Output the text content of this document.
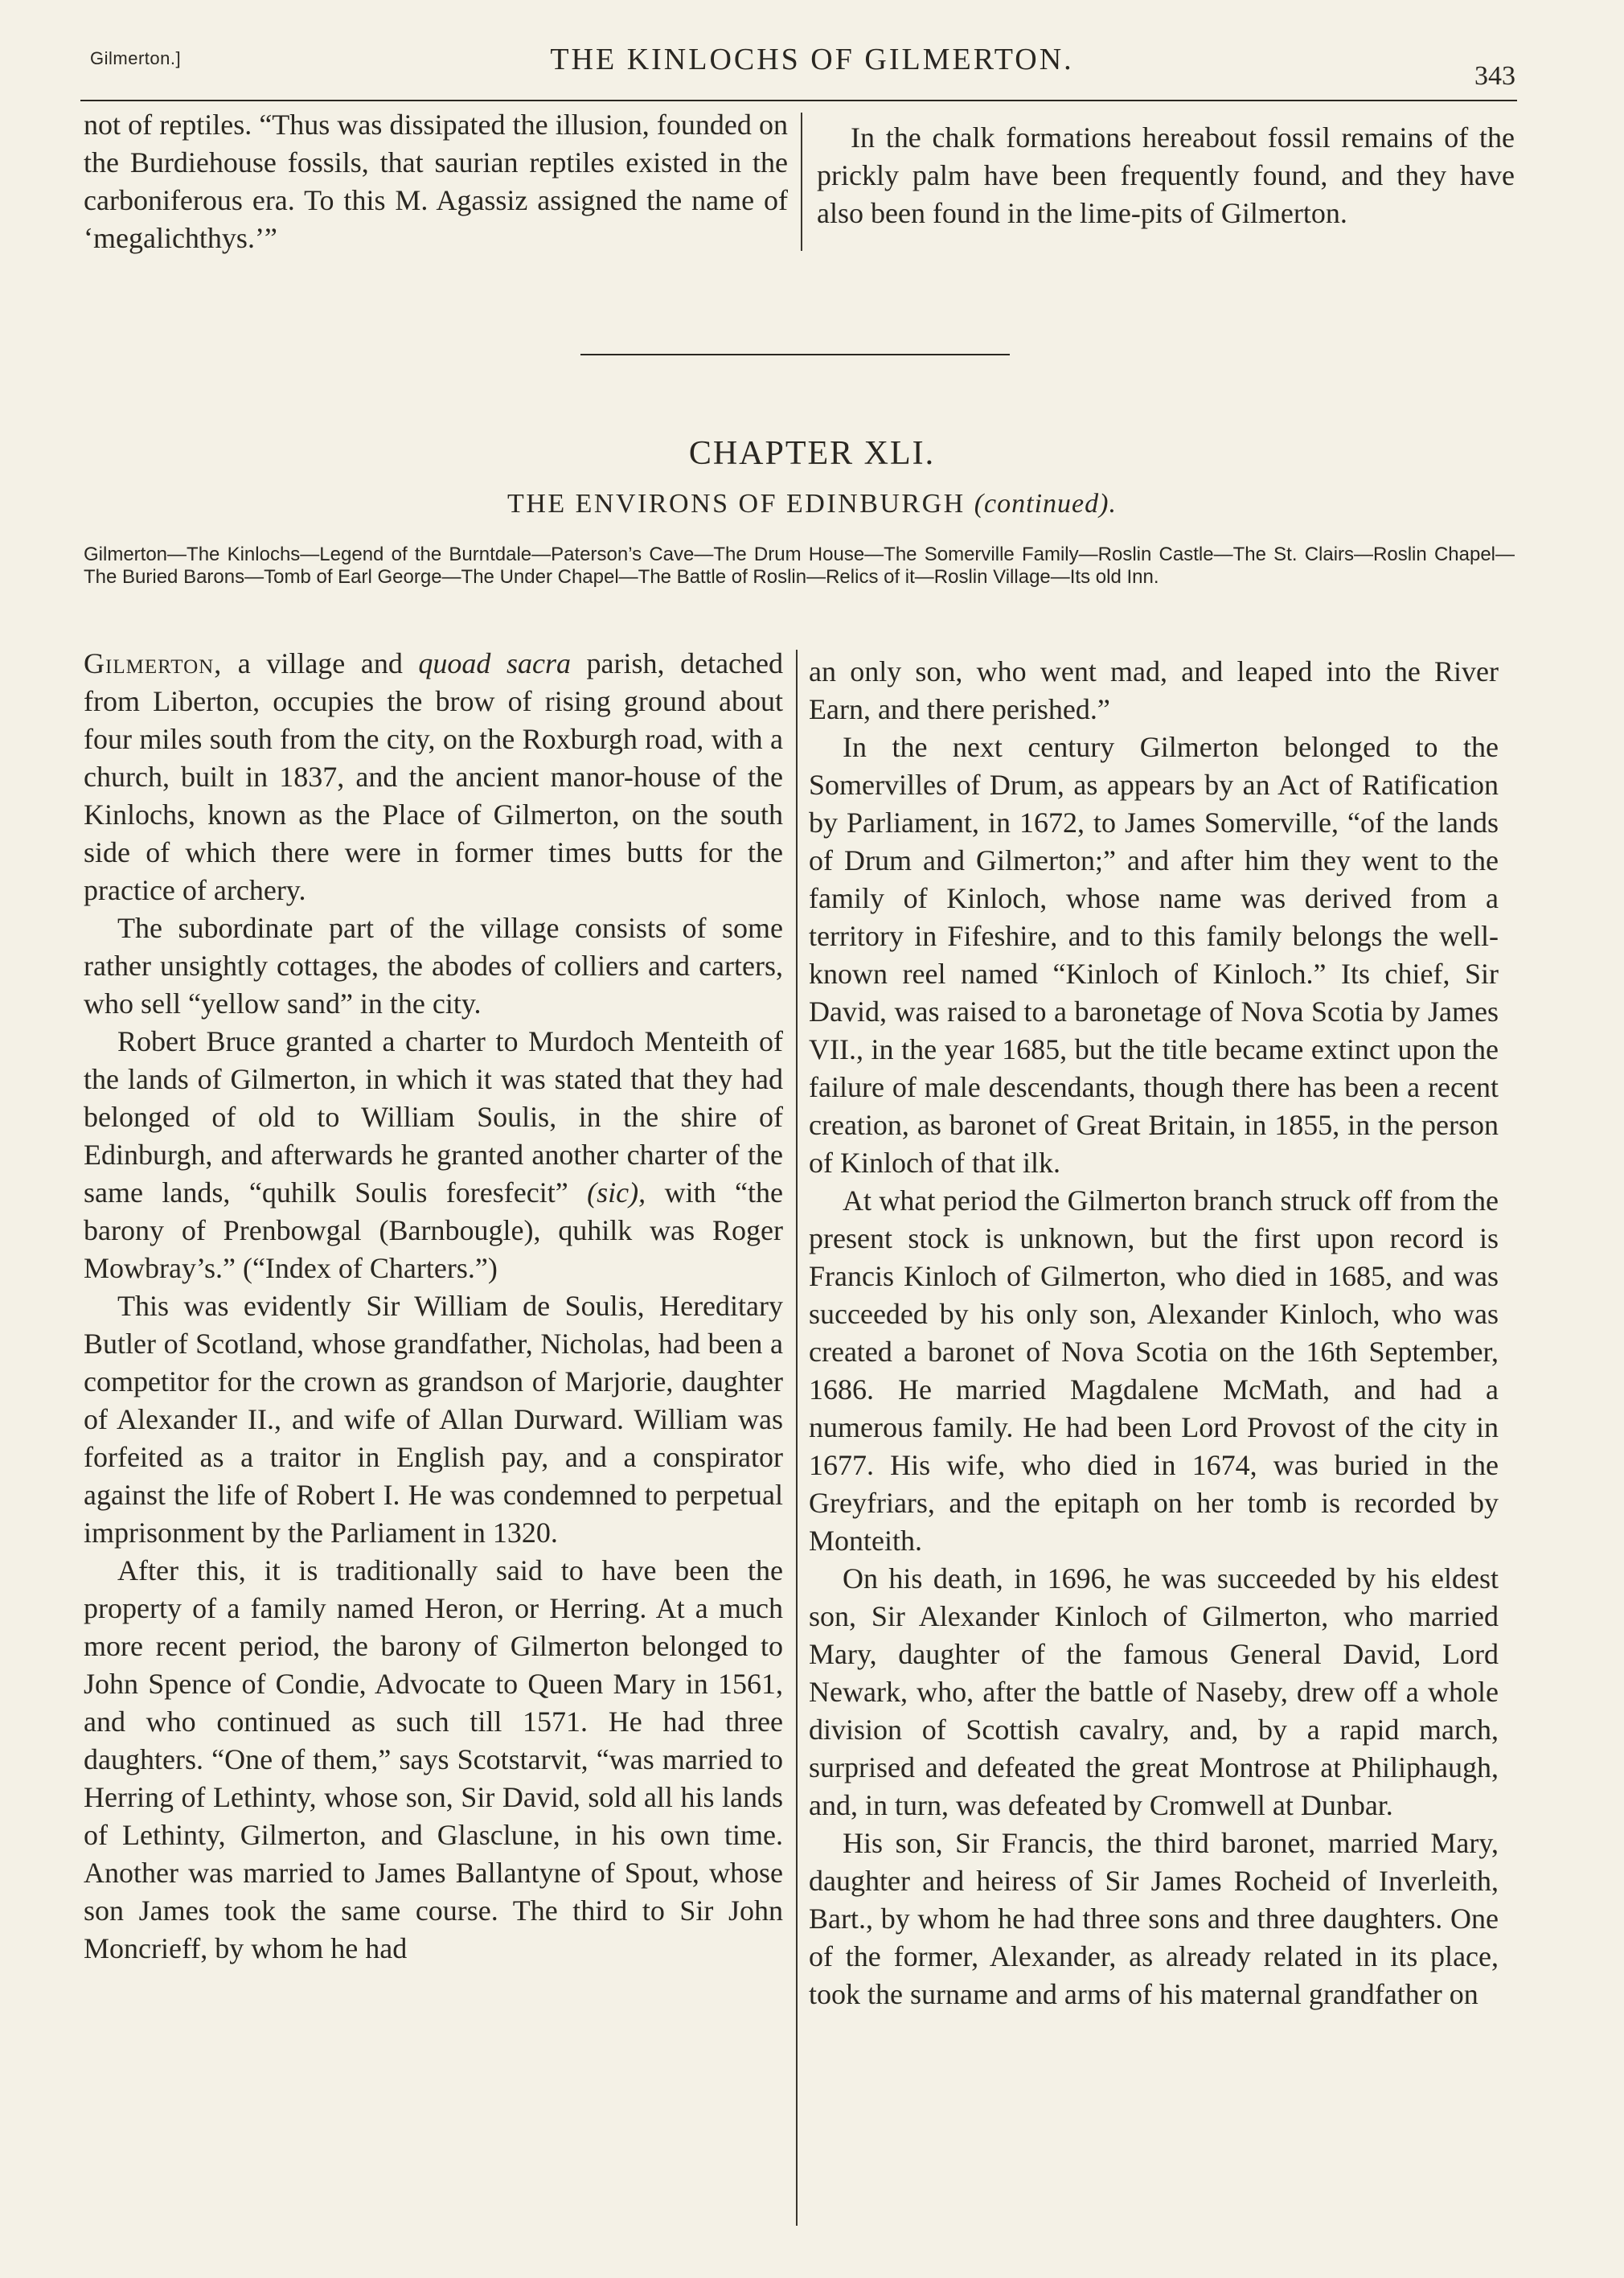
Gilmerton.]	THE KINLOCHS OF GILMERTON.	343

not of reptiles. “Thus was dissipated the illusion, founded on the Burdiehouse fossils, that saurian reptiles existed in the carboniferous era. To this M. Agassiz assigned the name of ‘megalichthys.’”

In the chalk formations hereabout fossil remains of the prickly palm have been frequently found, and they have also been found in the lime-pits of Gilmerton.

CHAPTER XLI.
THE ENVIRONS OF EDINBURGH (continued).
Gilmerton—The Kinlochs—Legend of the Burntdale—Paterson’s Cave—The Drum House—The Somerville Family—Roslin Castle—The St. Clairs—Roslin Chapel—The Buried Barons—Tomb of Earl George—The Under Chapel—The Battle of Roslin—Relics of it—Roslin Village—Its old Inn.

Gilmerton, a village and quoad sacra parish, detached from Liberton, occupies the brow of rising ground about four miles south from the city, on the Roxburgh road, with a church, built in 1837, and the ancient manor-house of the Kinlochs, known as the Place of Gilmerton, on the south side of which there were in former times butts for the practice of archery.

The subordinate part of the village consists of some rather unsightly cottages, the abodes of colliers and carters, who sell “yellow sand” in the city.

Robert Bruce granted a charter to Murdoch Menteith of the lands of Gilmerton, in which it was stated that they had belonged of old to William Soulis, in the shire of Edinburgh, and afterwards he granted another charter of the same lands, “quhilk Soulis foresfecit” (sic), with “the barony of Prenbowgal (Barnbougle), quhilk was Roger Mowbray’s.” (“Index of Charters.”)

This was evidently Sir William de Soulis, Hereditary Butler of Scotland, whose grandfather, Nicholas, had been a competitor for the crown as grandson of Marjorie, daughter of Alexander II., and wife of Allan Durward. William was forfeited as a traitor in English pay, and a conspirator against the life of Robert I. He was condemned to perpetual imprisonment by the Parliament in 1320.

After this, it is traditionally said to have been the property of a family named Heron, or Herring. At a much more recent period, the barony of Gilmerton belonged to John Spence of Condie, Advocate to Queen Mary in 1561, and who continued as such till 1571. He had three daughters. “One of them,” says Scotstarvit, “was married to Herring of Lethinty, whose son, Sir David, sold all his lands of Lethinty, Gilmerton, and Glasclune, in his own time. Another was married to James Ballantyne of Spout, whose son James took the same course. The third to Sir John Moncrieff, by whom he had

an only son, who went mad, and leaped into the River Earn, and there perished.”

In the next century Gilmerton belonged to the Somervilles of Drum, as appears by an Act of Ratification by Parliament, in 1672, to James Somerville, “of the lands of Drum and Gilmerton;” and after him they went to the family of Kinloch, whose name was derived from a territory in Fifeshire, and to this family belongs the well-known reel named “Kinloch of Kinloch.” Its chief, Sir David, was raised to a baronetage of Nova Scotia by James VII., in the year 1685, but the title became extinct upon the failure of male descendants, though there has been a recent creation, as baronet of Great Britain, in 1855, in the person of Kinloch of that ilk.

At what period the Gilmerton branch struck off from the present stock is unknown, but the first upon record is Francis Kinloch of Gilmerton, who died in 1685, and was succeeded by his only son, Alexander Kinloch, who was created a baronet of Nova Scotia on the 16th September, 1686. He married Magdalene McMath, and had a numerous family. He had been Lord Provost of the city in 1677. His wife, who died in 1674, was buried in the Greyfriars, and the epitaph on her tomb is recorded by Monteith.

On his death, in 1696, he was succeeded by his eldest son, Sir Alexander Kinloch of Gilmerton, who married Mary, daughter of the famous General David, Lord Newark, who, after the battle of Naseby, drew off a whole division of Scottish cavalry, and, by a rapid march, surprised and defeated the great Montrose at Philiphaugh, and, in turn, was defeated by Cromwell at Dunbar.

His son, Sir Francis, the third baronet, married Mary, daughter and heiress of Sir James Rocheid of Inverleith, Bart., by whom he had three sons and three daughters. One of the former, Alexander, as already related in its place, took the surname and arms of his maternal grandfather on
